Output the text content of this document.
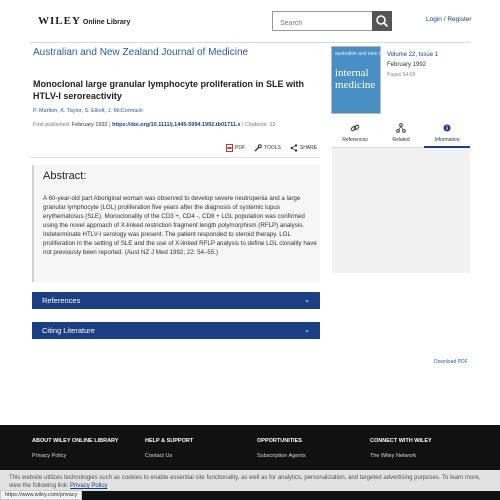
WILEY Online Library
Search	Login / Register
Australian and New Zealand Journal of Medicine
Monoclonal large granular lymphocyte proliferation in SLE with HTLV-I seroreactivity
P. Marlton, K. Taylor, S. Elliott, J. McCormack
First published: February 1992 | https://doi.org/10.1111/j.1445-5994.1992.tb01711.x | Citations: 12
PDF	TOOLS	SHARE
Abstract:

A 60-year-old part Aboriginal woman was observed to develop severe neutropenia and a large granular lymphocyte (LGL) proliferation five years after the diagnosis of systemic lupus erythematosus (SLE). Monoclonality of the CD3 +, CD4 -, CD8 + LGL population was confirmed using the novel approach of X-linked restriction fragment length polymorphism (RFLP) analysis. Indeterminate HTLV-I serology was present. The patient responded to steroid therapy. LGL proliferation in the setting of SLE and the use of X-linked RFLP analysis to define LGL clonality have not previously been reported. (Aust NZ J Med 1992; 22: 54–55.)

References	⌄
Citing Literature	⌄
Download PDF
australian and new zealand
internal medicine
Volume 22, Issue 1
February 1992
Pages 54-55
References	Related	Information
ABOUT WILEY ONLINE LIBRARY	HELP & SUPPORT	OPPORTUNITIES	CONNECT WITH WILEY
Privacy Policy	Contact Us	Subscription Agents	The Wiley Network
This website utilizes technologies such as cookies to enable essential site functionality, as well as for analytics, personalization, and targeted advertising purposes. To learn more, view the following link: Privacy Policy
https://www.wiley.com/privacy
